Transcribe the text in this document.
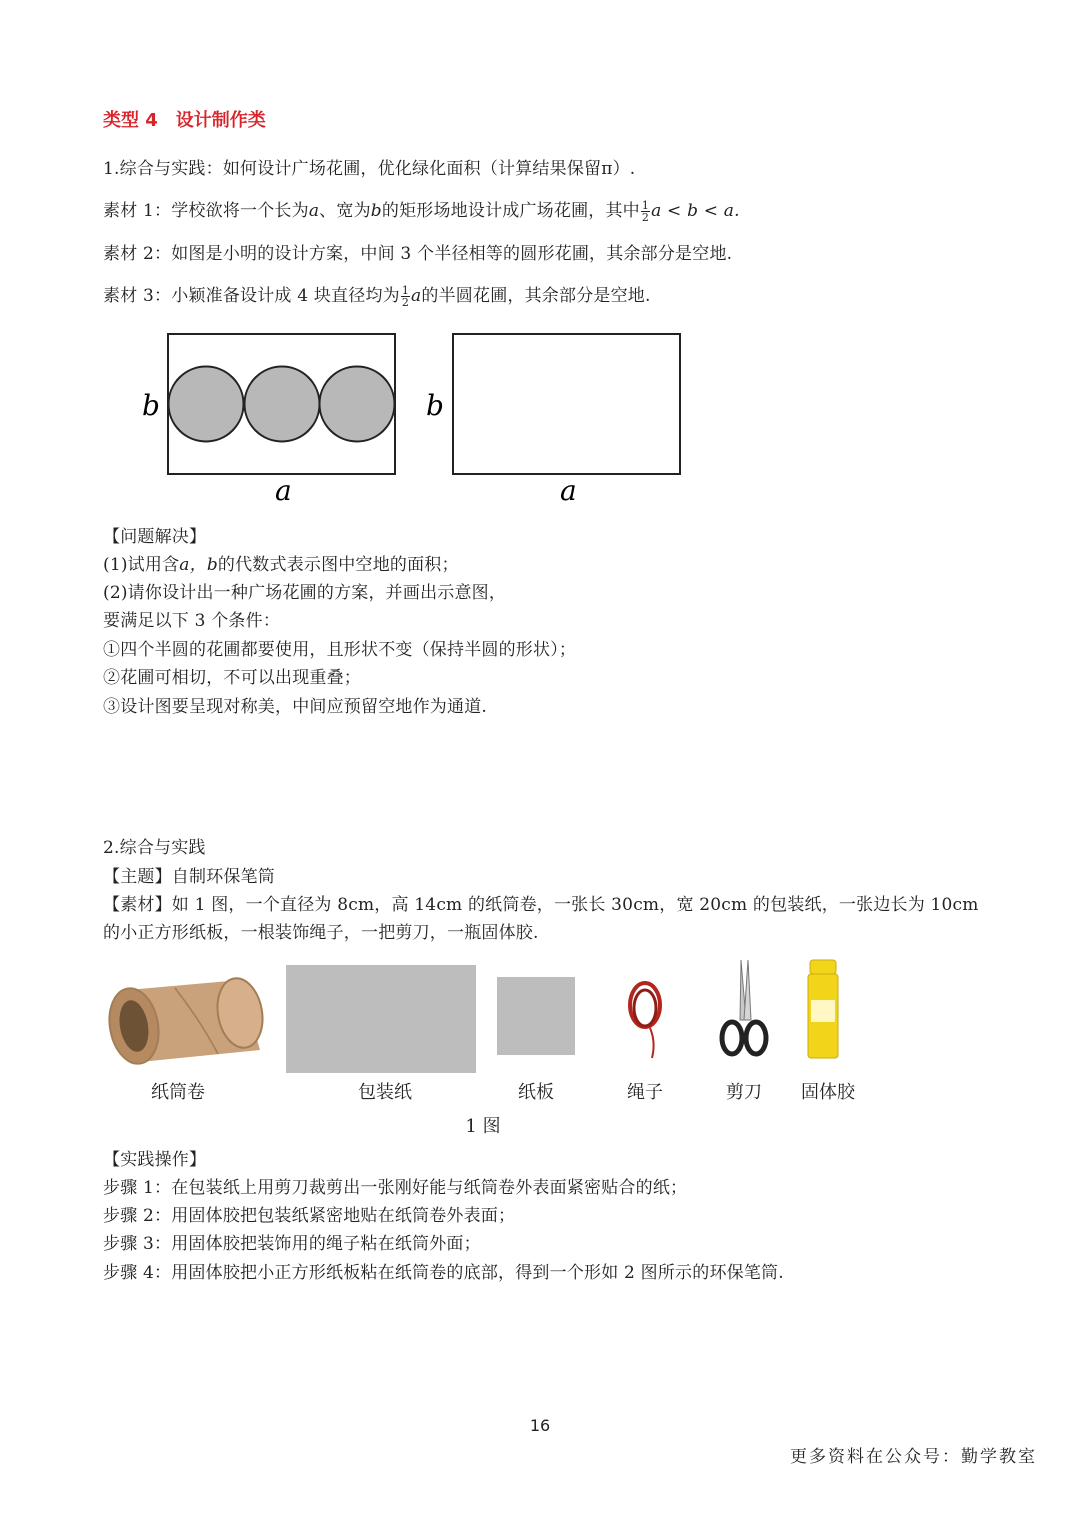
类型 4　设计制作类
1.综合与实践：如何设计广场花圃，优化绿化面积（计算结果保留π）.
素材 1：学校欲将一个长为a、宽为b的矩形场地设计成广场花圃，其中 $\frac{1}{2}$ a < b < a.
素材 2：如图是小明的设计方案，中间 3 个半径相等的圆形花圃，其余部分是空地.
素材 3：小颖准备设计成 4 块直径均为 $\frac{1}{2}$ a的半圆花圃，其余部分是空地.
b
a
b
a
【问题解决】
(1)试用含a，b的代数式表示图中空地的面积；
(2)请你设计出一种广场花圃的方案，并画出示意图，
要满足以下 3 个条件：
①四个半圆的花圃都要使用，且形状不变（保持半圆的形状）；
②花圃可相切，不可以出现重叠；
③设计图要呈现对称美，中间应预留空地作为通道.
2.综合与实践
【主题】自制环保笔筒
【素材】如 1 图，一个直径为 8cm，高 14cm 的纸筒卷，一张长 30cm，宽 20cm 的包装纸，一张边长为 10cm
的小正方形纸板，一根装饰绳子，一把剪刀，一瓶固体胶.
纸筒卷	包装纸	纸板	绳子	剪刀	固体胶
1 图
【实践操作】
步骤 1：在包装纸上用剪刀裁剪出一张刚好能与纸筒卷外表面紧密贴合的纸；
步骤 2：用固体胶把包装纸紧密地贴在纸筒卷外表面；
步骤 3：用固体胶把装饰用的绳子粘在纸筒外面；
步骤 4：用固体胶把小正方形纸板粘在纸筒卷的底部，得到一个形如 2 图所示的环保笔筒.
16
更多资料在公众号：勤学教室
